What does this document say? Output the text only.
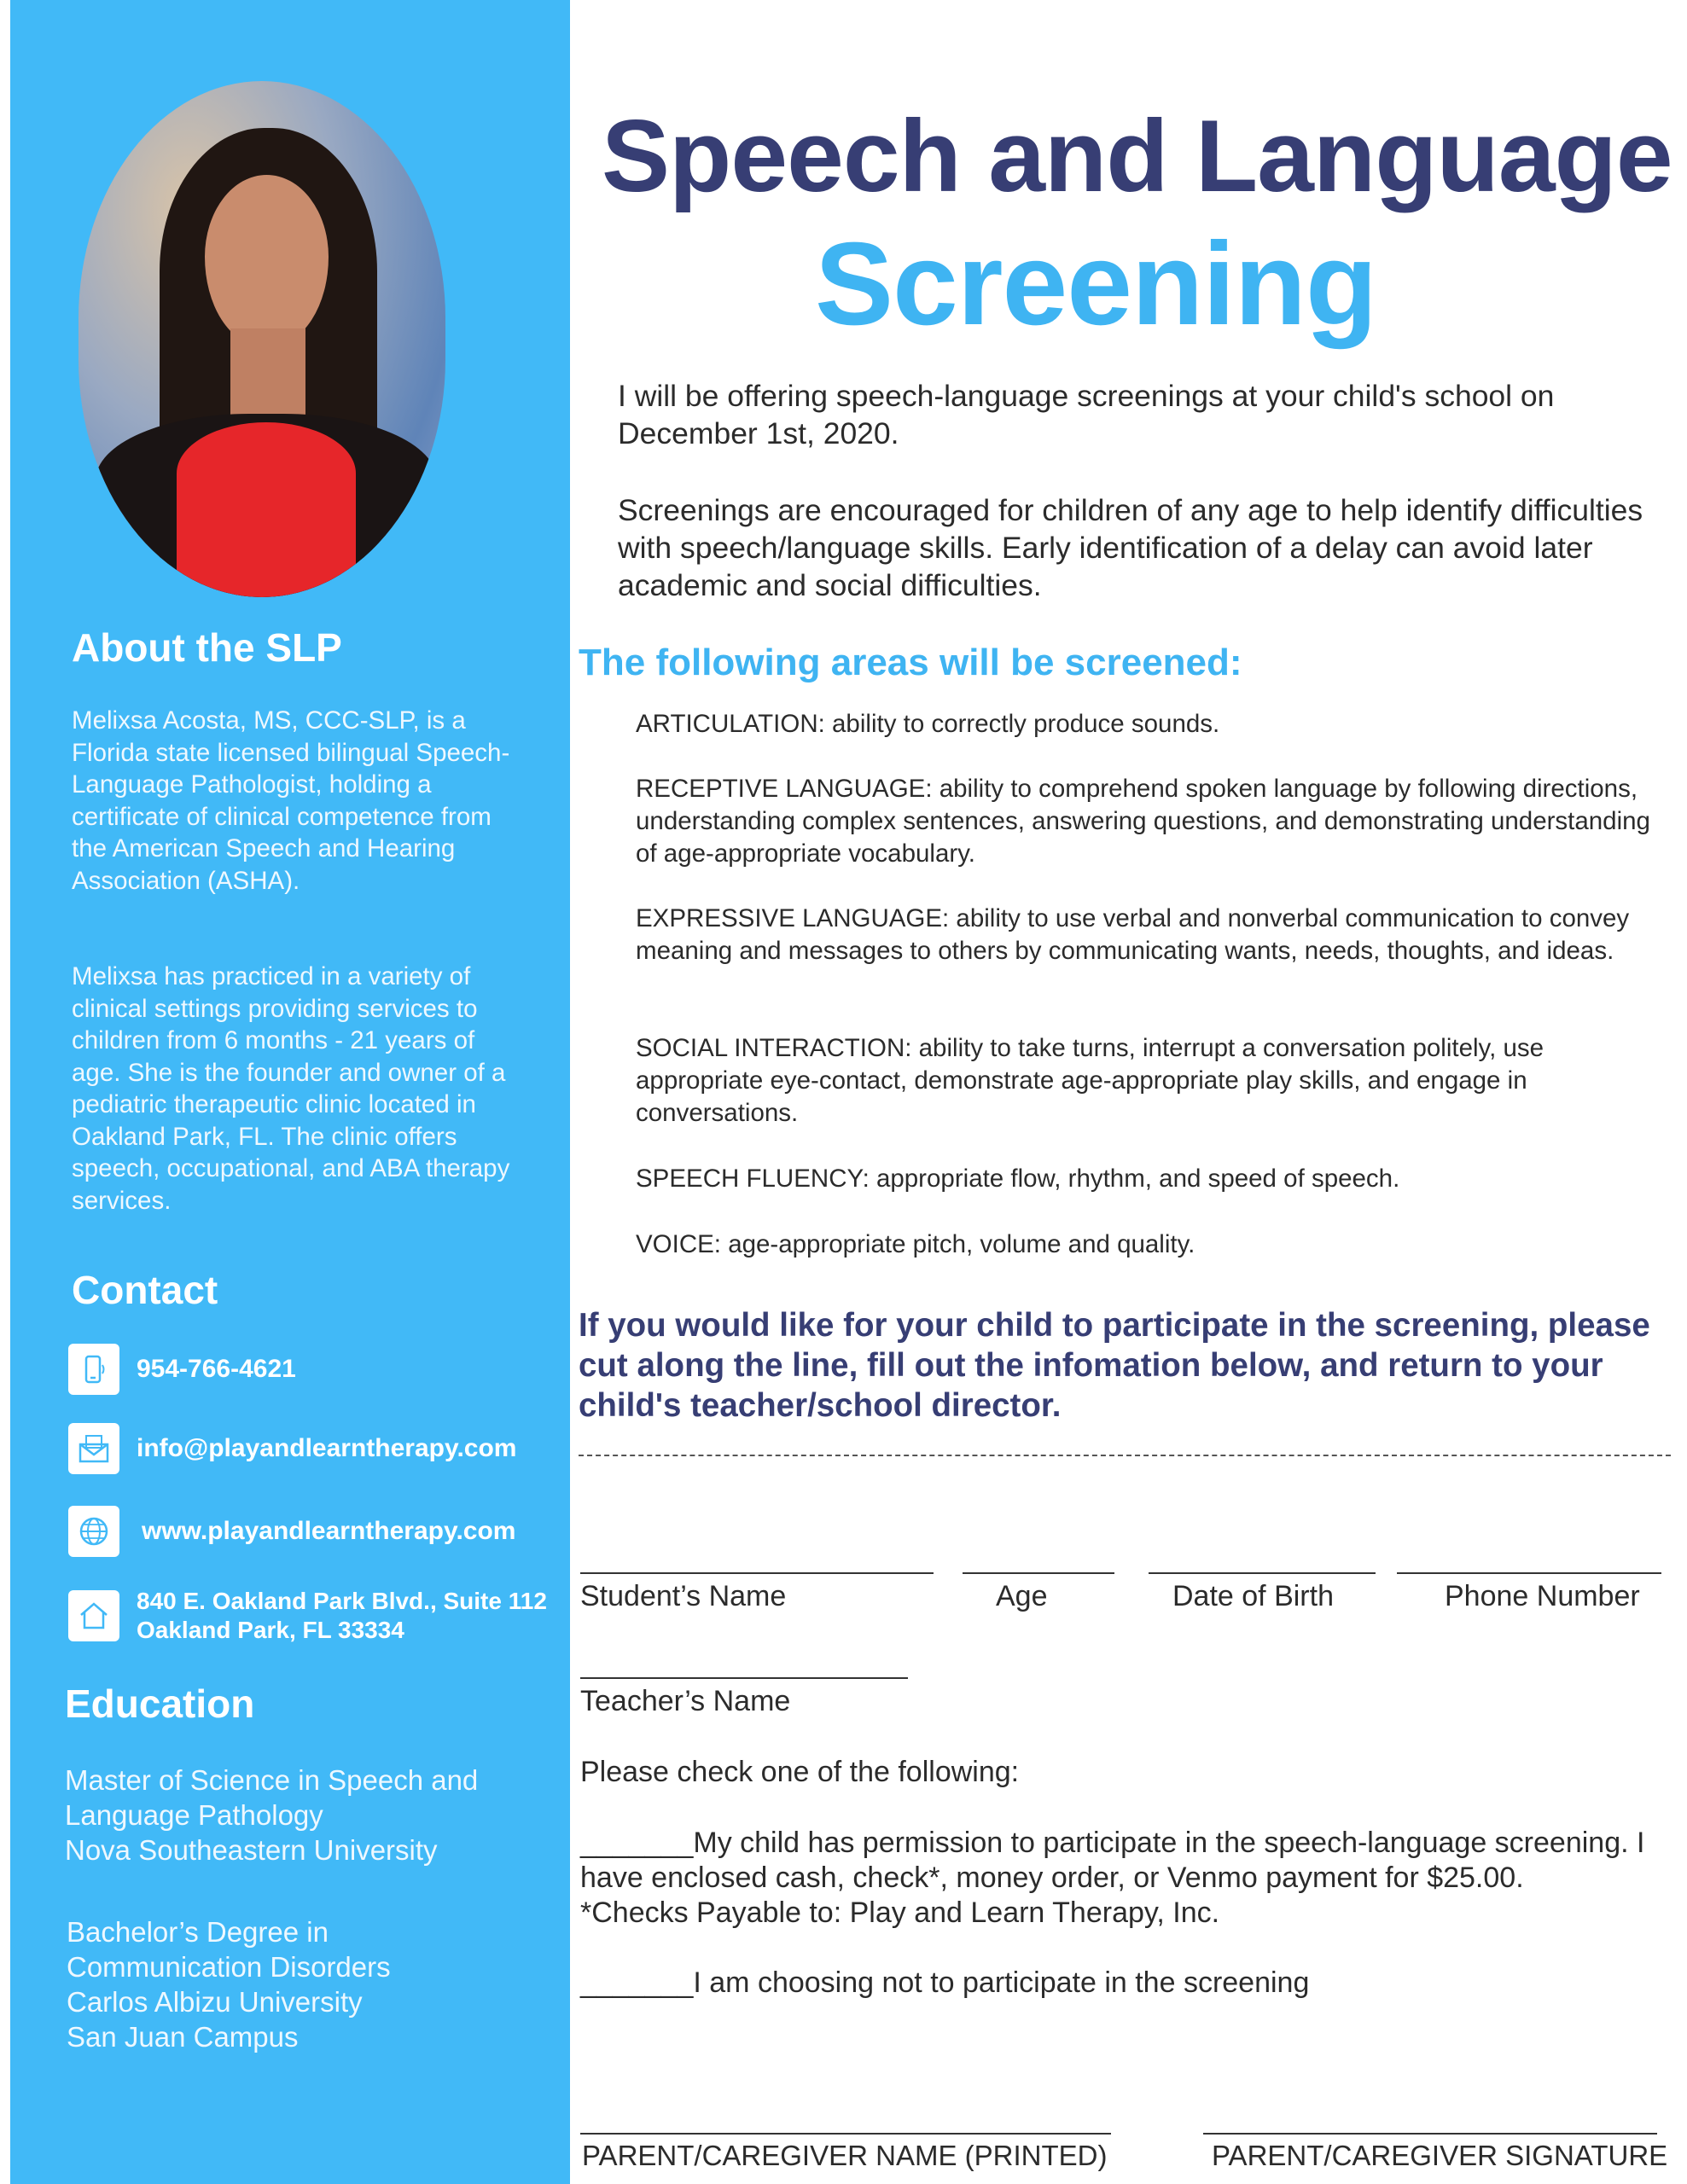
About the SLP

Melixsa Acosta, MS, CCC-SLP, is a Florida state licensed bilingual Speech-Language Pathologist, holding a certificate of clinical competence from the American Speech and Hearing Association (ASHA).

Melixsa has practiced in a variety of clinical settings providing services to children from 6 months - 21 years of age. She is the founder and owner of a pediatric therapeutic clinic located in Oakland Park, FL. The clinic offers speech, occupational, and ABA therapy services.

Contact
954-766-4621
info@playandlearntherapy.com
www.playandlearntherapy.com
840 E. Oakland Park Blvd., Suite 112
Oakland Park, FL 33334
Education
Master of Science in Speech and
Language Pathology
Nova Southeastern University
Bachelor’s Degree in
Communication Disorders
Carlos Albizu University
San Juan Campus
Speech and Language
Screening

I will be offering speech-language screenings at your child's school on December 1st, 2020.

Screenings are encouraged for children of any age to help identify difficulties with speech/language skills. Early identification of a delay can avoid later academic and social difficulties.

The following areas will be screened:

ARTICULATION: ability to correctly produce sounds.

RECEPTIVE LANGUAGE: ability to comprehend spoken language by following directions, understanding complex sentences, answering questions, and demonstrating understanding of age-appropriate vocabulary.

EXPRESSIVE LANGUAGE: ability to use verbal and nonverbal communication to convey meaning and messages to others by communicating wants, needs, thoughts, and ideas.

SOCIAL INTERACTION: ability to take turns, interrupt a conversation politely, use appropriate eye-contact, demonstrate age-appropriate play skills, and engage in conversations.

SPEECH FLUENCY: appropriate flow, rhythm, and speed of speech.

VOICE: age-appropriate pitch, volume and quality.

If you would like for your child to participate in the screening, please cut along the line, fill out the infomation below, and return to your child's teacher/school director.

Student’s Name	Age	Date of Birth	Phone Number

Teacher’s Name

Please check one of the following:

_______My child has permission to participate in the speech-language screening. I have enclosed cash, check*, money order, or Venmo payment for $25.00.

*Checks Payable to: Play and Learn Therapy, Inc.

_______I am choosing not to participate in the screening

PARENT/CAREGIVER NAME (PRINTED)	PARENT/CAREGIVER SIGNATURE
